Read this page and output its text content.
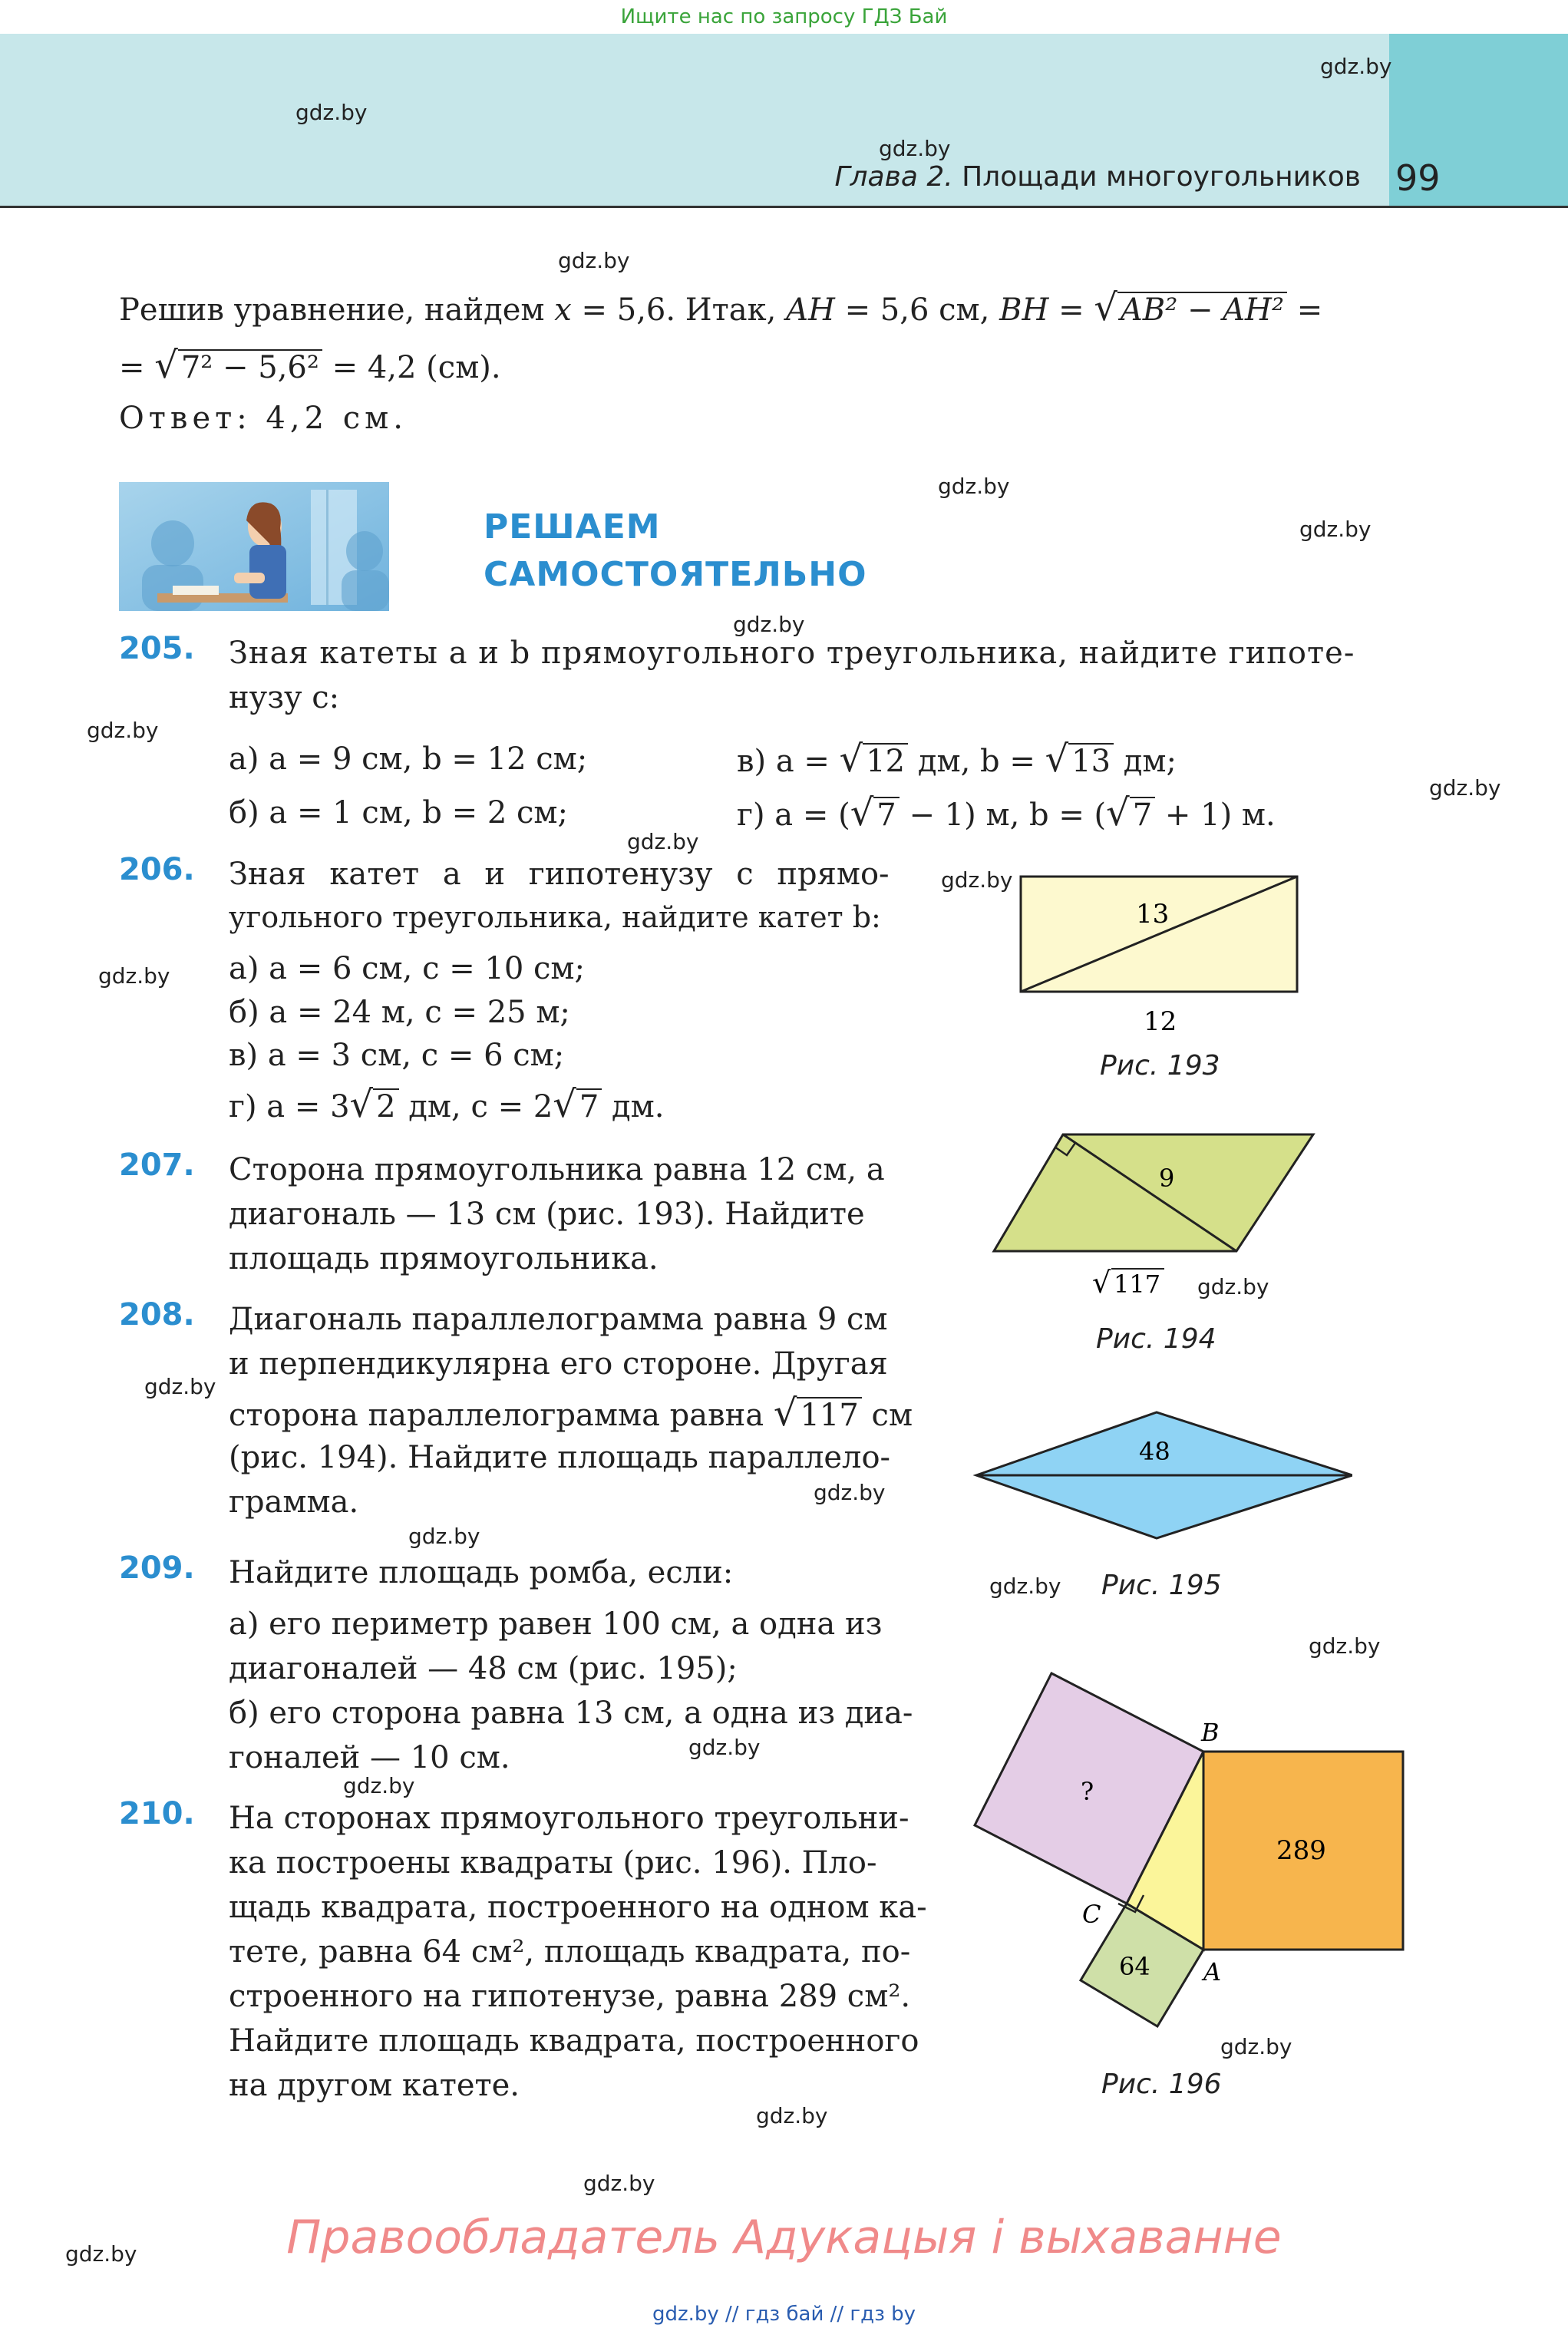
Ищите нас по запросу ГДЗ Бай
Глава 2. Площади многоугольников 99
gdz.by
gdz.by
gdz.by
gdz.by
gdz.by
gdz.by
gdz.by
gdz.by
gdz.by
gdz.by
gdz.by
gdz.by
gdz.by
gdz.by
gdz.by
gdz.by
gdz.by
gdz.by
gdz.by
gdz.by
gdz.by
gdz.by
gdz.by
gdz.by
Решив уравнение, найдем x = 5,6. Итак, AH = 5,6 см, BH = √ AB² − AH² =
= √ 7² − 5,6² = 4,2 (см).
Ответ: 4,2 см.
РЕШАЕМ
САМОСТОЯТЕЛЬНО
205. Зная катеты a и b прямоугольного треугольника, найдите гипоте-
нузу c:
а) a = 9 см, b = 12 см;
б) a = 1 см, b = 2 см;
в) a = √ 12 дм, b = √ 13 дм;
г) a = (√ 7 − 1) м, b = (√ 7 + 1) м.
206. Зная катет a и гипотенузу c прямо-
угольного треугольника, найдите катет b:
а) a = 6 см, c = 10 см;
б) a = 24 м, c = 25 м;
в) a = 3 см, c = 6 см;
г) a = 3√ 2 дм, c = 2√ 7 дм.
207. Сторона прямоугольника равна 12 см, а
диагональ — 13 см (рис. 193). Найдите
площадь прямоугольника.
208. Диагональ параллелограмма равна 9 см
и перпендикулярна его стороне. Другая
сторона параллелограмма равна √ 117 см
(рис. 194). Найдите площадь параллело-
грамма.
209. Найдите площадь ромба, если:
а) его периметр равен 100 см, а одна из
диагоналей — 48 см (рис. 195);
б) его сторона равна 13 см, а одна из диа-
гоналей — 10 см.
210. На сторонах прямоугольного треугольни-
ка построены квадраты (рис. 196). Пло-
щадь квадрата, построенного на одном ка-
тете, равна 64 см², площадь квадрата, по-
строенного на гипотенузе, равна 289 см².
Найдите площадь квадрата, построенного
на другом катете.
13
12
Рис. 193
9
√ 117
Рис. 194
48
Рис. 195
B
C
A
?
289
64
Рис. 196
Правообладатель Адукацыя і выхаванне
gdz.by // гдз бай // гдз by
